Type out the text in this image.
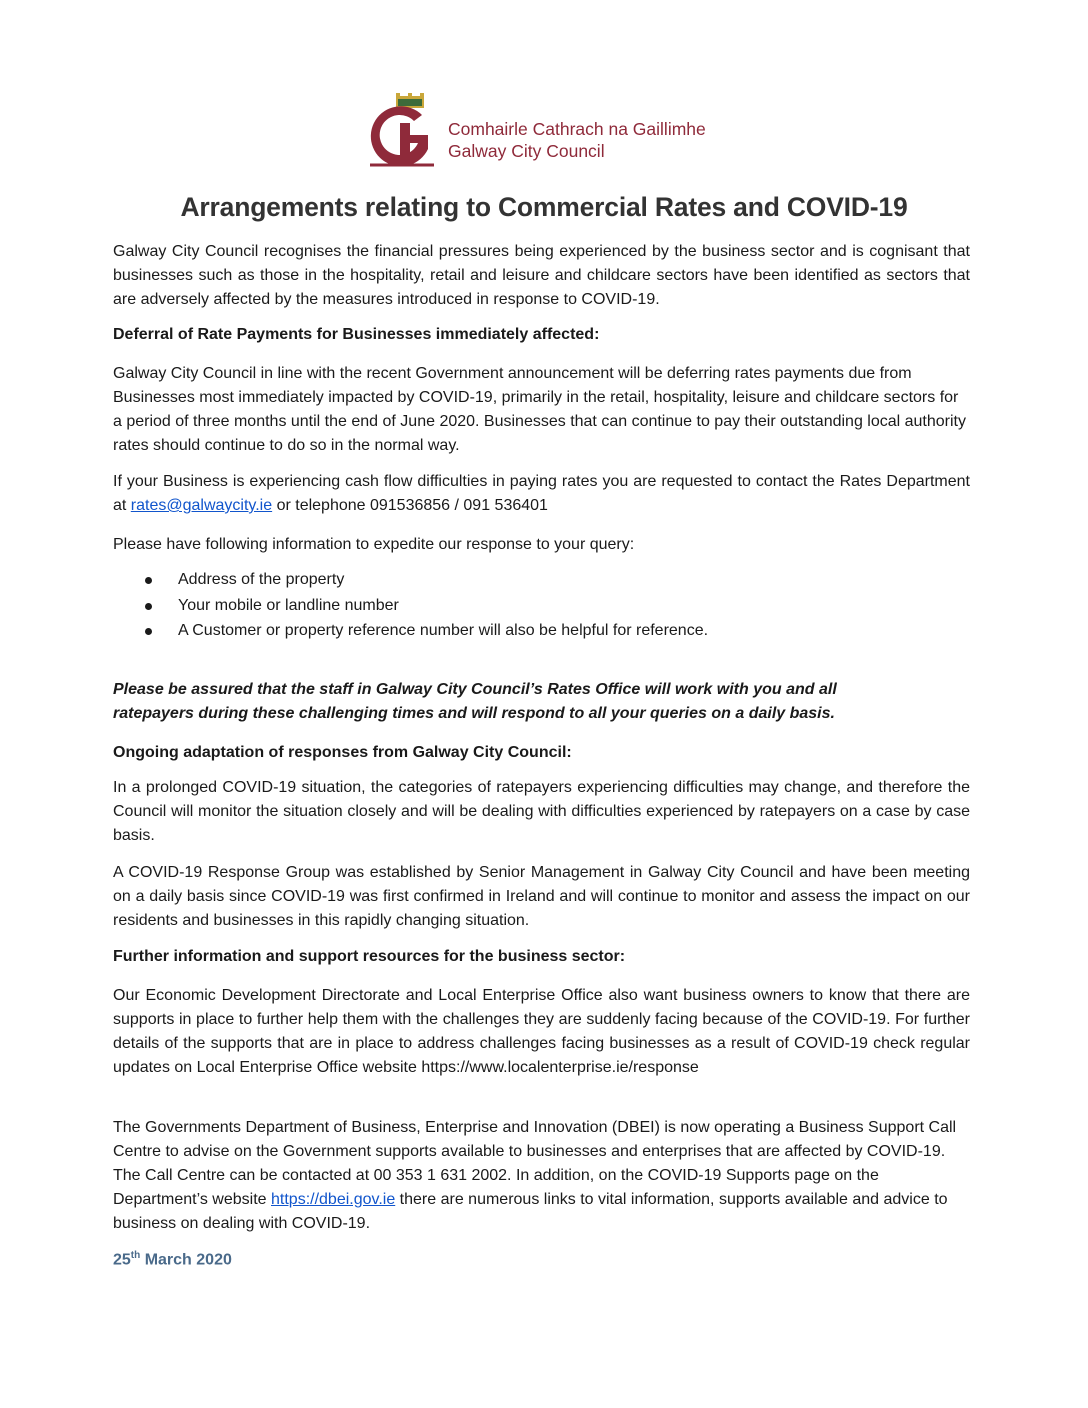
Comhairle Cathrach na Gaillimhe
Galway City Council
Arrangements relating to Commercial Rates and COVID-19

Galway City Council recognises the financial pressures being experienced by the business sector and is cognisant that businesses such as those in the hospitality, retail and leisure and childcare sectors have been identified as sectors that are adversely affected by the measures introduced in response to COVID-19.

Deferral of Rate Payments for Businesses immediately affected:

Galway City Council in line with the recent Government announcement will be deferring rates payments due from Businesses most immediately impacted by COVID-19, primarily in the retail, hospitality, leisure and childcare sectors for a period of three months until the end of June 2020. Businesses that can continue to pay their outstanding local authority rates should continue to do so in the normal way.

If your Business is experiencing cash flow difficulties in paying rates you are requested to contact the Rates Department at rates@galwaycity.ie or telephone 091536856 / 091 536401

Please have following information to expedite our response to your query:

Address of the property
Your mobile or landline number
A Customer or property reference number will also be helpful for reference.

Please be assured that the staff in Galway City Council’s Rates Office will work with you and all ratepayers during these challenging times and will respond to all your queries on a daily basis.

Ongoing adaptation of responses from Galway City Council:

In a prolonged COVID-19 situation, the categories of ratepayers experiencing difficulties may change, and therefore the Council will monitor the situation closely and will be dealing with difficulties experienced by ratepayers on a case by case basis.

A COVID-19 Response Group was established by Senior Management in Galway City Council and have been meeting on a daily basis since COVID-19 was first confirmed in Ireland and will continue to monitor and assess the impact on our residents and businesses in this rapidly changing situation.

Further information and support resources for the business sector:

Our Economic Development Directorate and Local Enterprise Office also want business owners to know that there are supports in place to further help them with the challenges they are suddenly facing because of the COVID-19. For further details of the supports that are in place to address challenges facing businesses as a result of COVID-19 check regular updates on Local Enterprise Office website https://www.localenterprise.ie/response

The Governments Department of Business, Enterprise and Innovation (DBEI) is now operating a Business Support Call Centre to advise on the Government supports available to businesses and enterprises that are affected by COVID-19. The Call Centre can be contacted at 00 353 1 631 2002. In addition, on the COVID-19 Supports page on the Department’s website https://dbei.gov.ie there are numerous links to vital information, supports available and advice to business on dealing with COVID-19.

25th March 2020
